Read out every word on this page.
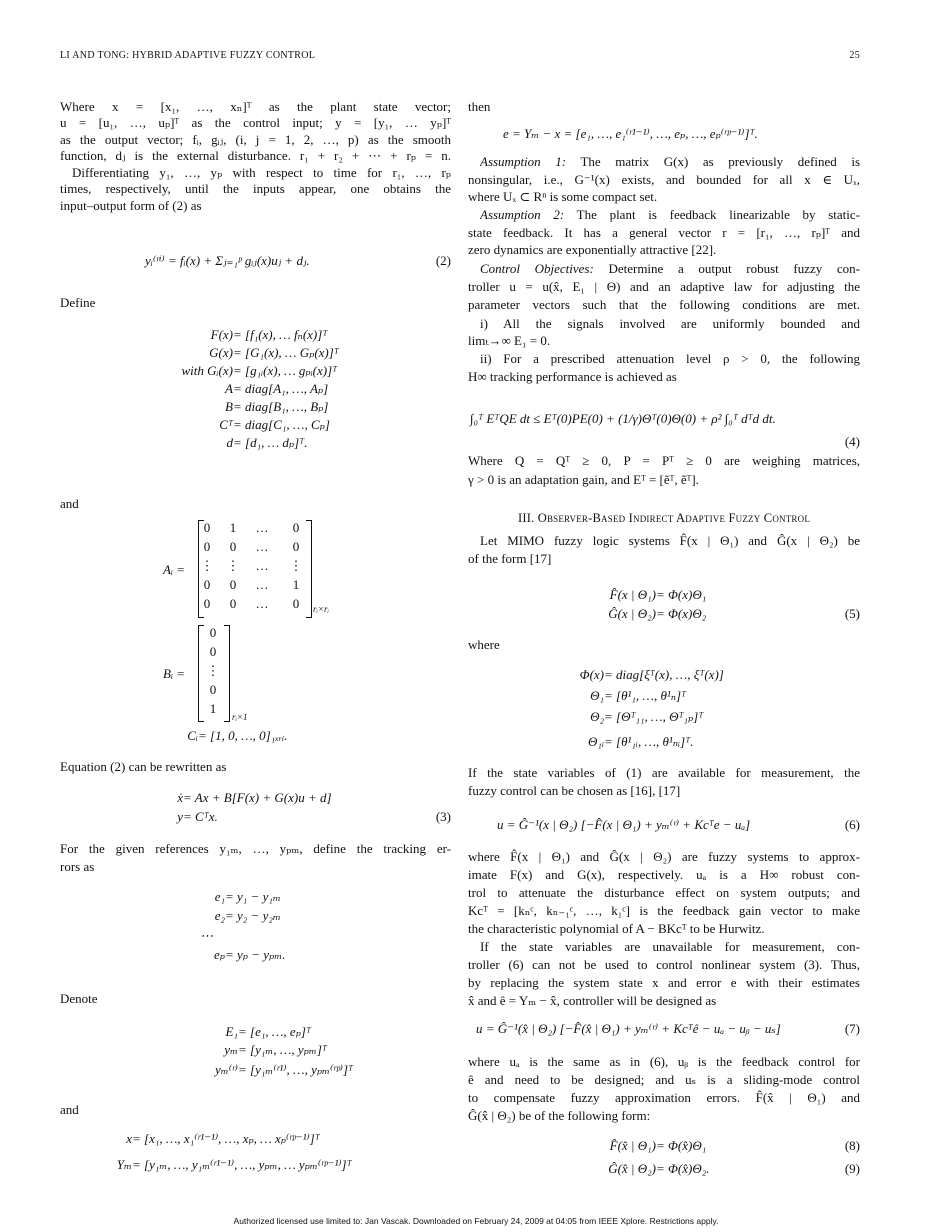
LI AND TONG: HYBRID ADAPTIVE FUZZY CONTROL	25
Authorized licensed use limited to: Jan Vascak. Downloaded on February 24, 2009 at 04:05 from IEEE Xplore. Restrictions apply.
Aᵢ =
0	1	…	0
0	0	…	0
⋮ ⋮ … ⋮
0	0	…	1
0	0	…	0	rᵢ×rᵢ
Bᵢ =
0
0
⋮
0
1
rᵢ×1
Where x = [x₁, …, xₙ]ᵀ as the plant state vector;
u = [u₁, …, uₚ]ᵀ as the control input; y = [y₁, … yₚ]ᵀ
as the output vector; fᵢ, gᵢⱼ, (i, j = 1, 2, …, p) as the smooth
function, dⱼ is the external disturbance. r₁ + r₂ + ⋯ + rₚ = n.
Differentiating y₁, …, yₚ with respect to time for r₁, …, rₚ
times, respectively, until the inputs appear, one obtains the
input–output form of (2) as
yᵢ⁽ʳⁱ⁾ = fᵢ(x) + Σⱼ₌₁ᵖ gᵢⱼ(x)uⱼ + dⱼ.	(2)
Define
F(x)= [f₁(x), … fₙ(x)]ᵀ
G(x)= [G₁(x), … Gₚ(x)]ᵀ
with Gᵢ(x)= [g₁ᵢ(x), … gₚᵢ(x)]ᵀ
A= diag[A₁, …, Aₚ]
B= diag[B₁, …, Bₚ]
Cᵀ= diag[C₁, …, Cₚ]
d= [d₁, … dₚ]ᵀ.
and
Cᵢ= [1, 0, …, 0]₁ₓᵣᵢ.
Equation (2) can be rewritten as
ẋ= Ax + B[F(x) + G(x)u + d]
y= Cᵀx.	(3)
For the given references y₁ₘ, …, yₚₘ, define the tracking er-
rors as
e₁= y₁ − y₁ₘ
e₂= y₂ − y₂ₘ
⋯
eₚ= yₚ − yₚₘ.
Denote
E₁= [e₁, …, eₚ]ᵀ
yₘ= [y₁ₘ, …, yₚₘ]ᵀ
yₘ⁽ʳ⁾= [y₁ₘ⁽ʳ¹⁾, …, yₚₘ⁽ʳᵖ⁾]ᵀ
and
x= [x₁, …, x₁⁽ʳ¹⁻¹⁾, …, xₚ, … xₚ⁽ʳᵖ⁻¹⁾]ᵀ
Yₘ= [y₁ₘ, …, y₁ₘ⁽ʳ¹⁻¹⁾, …, yₚₘ, … yₚₘ⁽ʳᵖ⁻¹⁾]ᵀ
then
e = Yₘ − x = [e₁, …, e₁⁽ʳ¹⁻¹⁾, …, eₚ, …, eₚ⁽ʳᵖ⁻¹⁾]ᵀ.
Assumption 1: The matrix G(x) as previously defined is
nonsingular, i.e., G⁻¹(x) exists, and bounded for all x ∈ Uₓ,
where Uₓ ⊂ Rⁿ is some compact set.
Assumption 2: The plant is feedback linearizable by static-
state feedback. It has a general vector r = [r₁, …, rₚ]ᵀ and
zero dynamics are exponentially attractive [22].
Control Objectives: Determine a output robust fuzzy con-
troller u = u(x̂, E₁ | Θ) and an adaptive law for adjusting the
parameter vectors such that the following conditions are met.
i) All the signals involved are uniformly bounded and
limₜ→∞ E₁ = 0.
ii) For a prescribed attenuation level ρ > 0, the following
H∞ tracking performance is achieved as
∫₀ᵀ EᵀQE dt ≤ Eᵀ(0)PE(0) + (1/γ)Θᵀ(0)Θ(0) + ρ² ∫₀ᵀ dᵀd dt.
(4)
Where Q = Qᵀ ≥ 0, P = Pᵀ ≥ 0 are weighing matrices,
γ > 0 is an adaptation gain, and Eᵀ = [ẽᵀ, ẽᵀ].
III. Observer-Based Indirect Adaptive Fuzzy Control
Let MIMO fuzzy logic systems F̂(x | Θ₁) and Ĝ(x | Θ₂) be
of the form [17]
F̂(x | Θ₁)= Φ(x)Θ₁
Ĝ(x | Θ₂)= Φ(x)Θ₂	(5)
where
Φ(x)= diag[ξᵀ(x), …, ξᵀ(x)]
Θ₁= [θ¹₁, …, θ¹ₙ]ᵀ
Θ₂= [Θᵀ₁₁, …, Θᵀ₁ₚ]ᵀ
Θ₁ᵢ= [θ¹₁ᵢ, …, θ¹ₙᵢ]ᵀ.
If the state variables of (1) are available for measurement, the
fuzzy control can be chosen as [16], [17]
u = Ĝ⁻¹(x | Θ₂) [−F̂(x | Θ₁) + yₘ⁽ʳ⁾ + Kcᵀe − uₐ]	(6)
where F̂(x | Θ₁) and Ĝ(x | Θ₂) are fuzzy systems to approx-
imate F(x) and G(x), respectively. uₐ is a H∞ robust con-
trol to attenuate the disturbance effect on system outputs; and
Kcᵀ = [kₙᶜ, kₙ₋₁ᶜ, …, k₁ᶜ] is the feedback gain vector to make
the characteristic polynomial of A − BKcᵀ to be Hurwitz.
If the state variables are unavailable for measurement, con-
troller (6) can not be used to control nonlinear system (3). Thus,
by replacing the system state x and error e with their estimates
x̂ and ê = Yₘ − x̂, controller will be designed as
u = Ĝ⁻¹(x̂ | Θ₂) [−F̂(x̂ | Θ₁) + yₘ⁽ʳ⁾ + Kcᵀê − uₐ − uᵦ − uₛ]	(7)
where uₐ is the same as in (6), uᵦ is the feedback control for
ê and need to be designed; and uₛ is a sliding-mode control
to compensate fuzzy approximation errors. F̂(x̂ | Θ₁) and
Ĝ(x̂ | Θ₂) be of the following form:
F̂(x̂ | Θ₁)= Φ(x̂)Θ₁	(8)
Ĝ(x̂ | Θ₂)= Φ(x̂)Θ₂.	(9)
